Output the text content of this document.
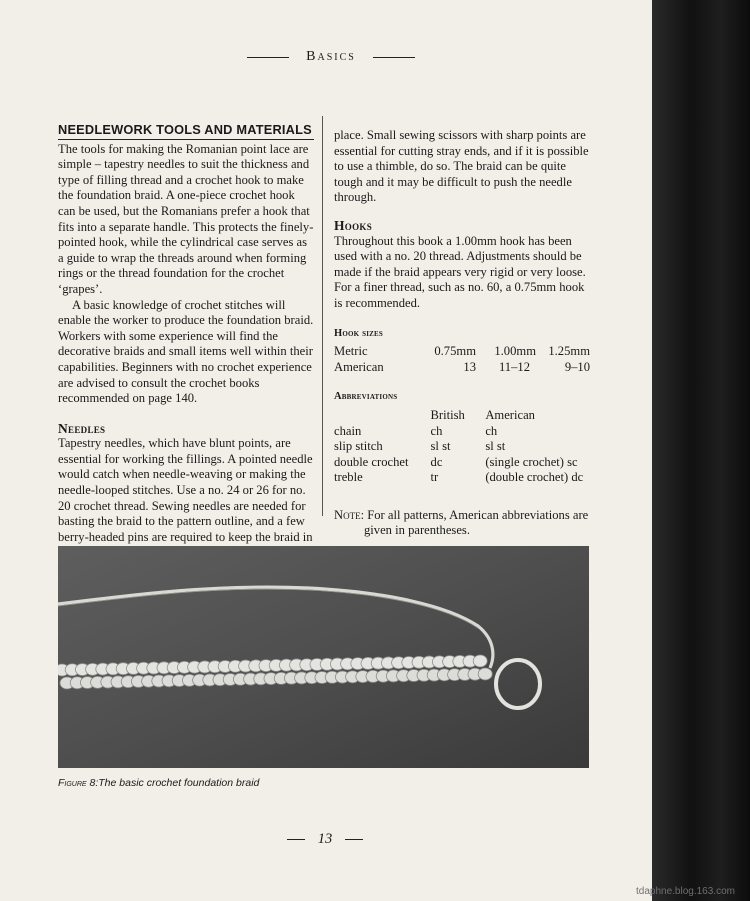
Basics
NEEDLEWORK TOOLS AND MATERIALS

The tools for making the Romanian point lace are simple – tapestry needles to suit the thickness and type of filling thread and a crochet hook to make the foundation braid. A one-piece crochet hook can be used, but the Romanians prefer a hook that fits into a separate handle. This protects the finely-pointed hook, while the cylindrical case serves as a guide to wrap the threads around when forming rings or the thread foundation for the crochet ‘grapes’.

A basic knowledge of crochet stitches will enable the worker to produce the foundation braid. Workers with some experience will find the decorative braids and small items well within their capabilities. Beginners with no crochet experience are advised to consult the crochet books recommended on page 140.

Needles

Tapestry needles, which have blunt points, are essential for working the fillings. A pointed needle would catch when needle-weaving or making the needle-looped stitches. Use a no. 24 or 26 for no. 20 crochet thread. Sewing needles are needed for basting the braid to the pattern outline, and a few berry-headed pins are required to keep the braid in

place. Small sewing scissors with sharp points are essential for cutting stray ends, and if it is possible to use a thimble, do so. The braid can be quite tough and it may be difficult to push the needle through.

Hooks

Throughout this book a 1.00mm hook has been used with a no. 20 thread. Adjustments should be made if the braid appears very rigid or very loose. For a finer thread, such as no. 60, a 0.75mm hook is recommended.

Hook sizes
Metric	0.75mm	1.00mm	1.25mm
American	13	11–12	9–10
Abbreviations
	British	American
chain	ch	ch
slip stitch	sl st	sl st
double crochet	dc	(single crochet) sc
treble	tr	(double crochet) dc

Note: For all patterns, American abbreviations are

given in parentheses.

Figure 8:The basic crochet foundation braid
13
tdaphne.blog.163.com
